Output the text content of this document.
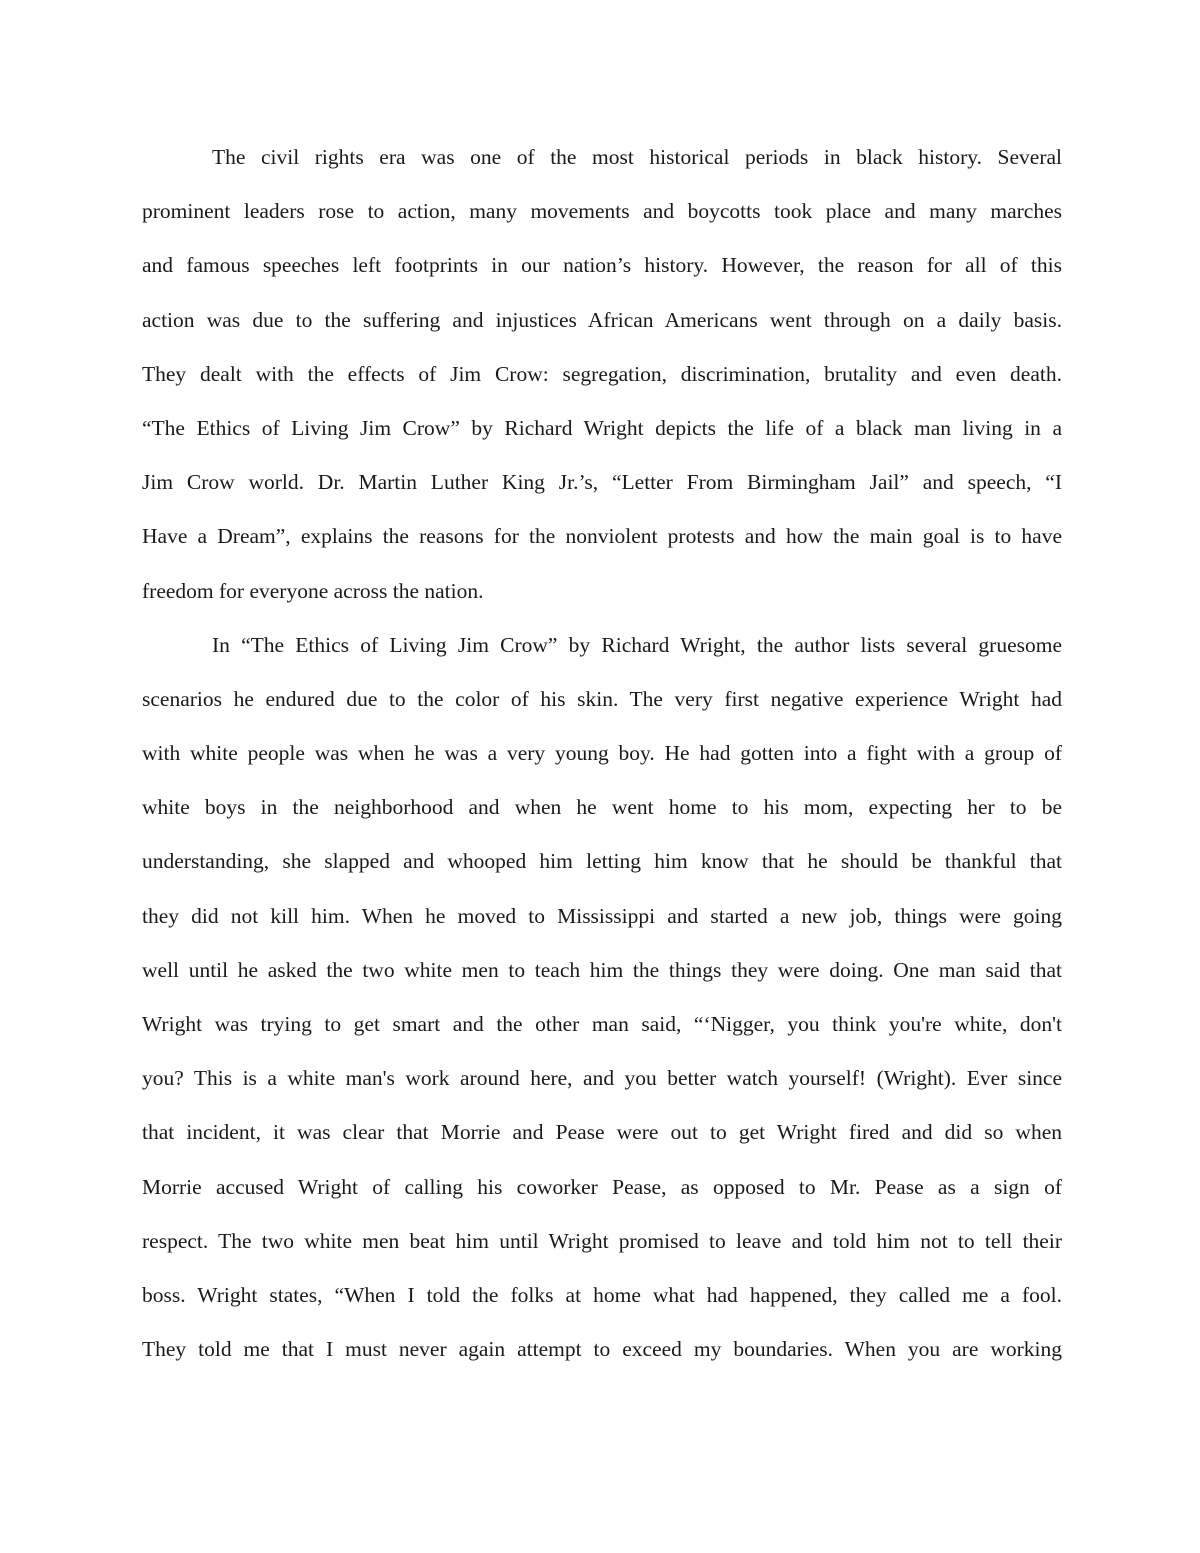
The civil rights era was one of the most historical periods in black history. Several
prominent leaders rose to action, many movements and boycotts took place and many marches
and famous speeches left footprints in our nation’s history. However, the reason for all of this
action was due to the suffering and injustices African Americans went through on a daily basis.
They dealt with the effects of Jim Crow: segregation, discrimination, brutality and even death.
“The Ethics of Living Jim Crow” by Richard Wright depicts the life of a black man living in a
Jim Crow world. Dr. Martin Luther King Jr.’s, “Letter From Birmingham Jail” and speech, “I
Have a Dream”, explains the reasons for the nonviolent protests and how the main goal is to have
freedom for everyone across the nation.
In “The Ethics of Living Jim Crow” by Richard Wright, the author lists several gruesome
scenarios he endured due to the color of his skin. The very first negative experience Wright had
with white people was when he was a very young boy. He had gotten into a fight with a group of
white boys in the neighborhood and when he went home to his mom, expecting her to be
understanding, she slapped and whooped him letting him know that he should be thankful that
they did not kill him. When he moved to Mississippi and started a new job, things were going
well until he asked the two white men to teach him the things they were doing. One man said that
Wright was trying to get smart and the other man said, “‘Nigger, you think you're white, don't
you? This is a white man's work around here, and you better watch yourself! (Wright). Ever since
that incident, it was clear that Morrie and Pease were out to get Wright fired and did so when
Morrie accused Wright of calling his coworker Pease, as opposed to Mr. Pease as a sign of
respect. The two white men beat him until Wright promised to leave and told him not to tell their
boss. Wright states, “When I told the folks at home what had happened, they called me a fool.
They told me that I must never again attempt to exceed my boundaries. When you are working
